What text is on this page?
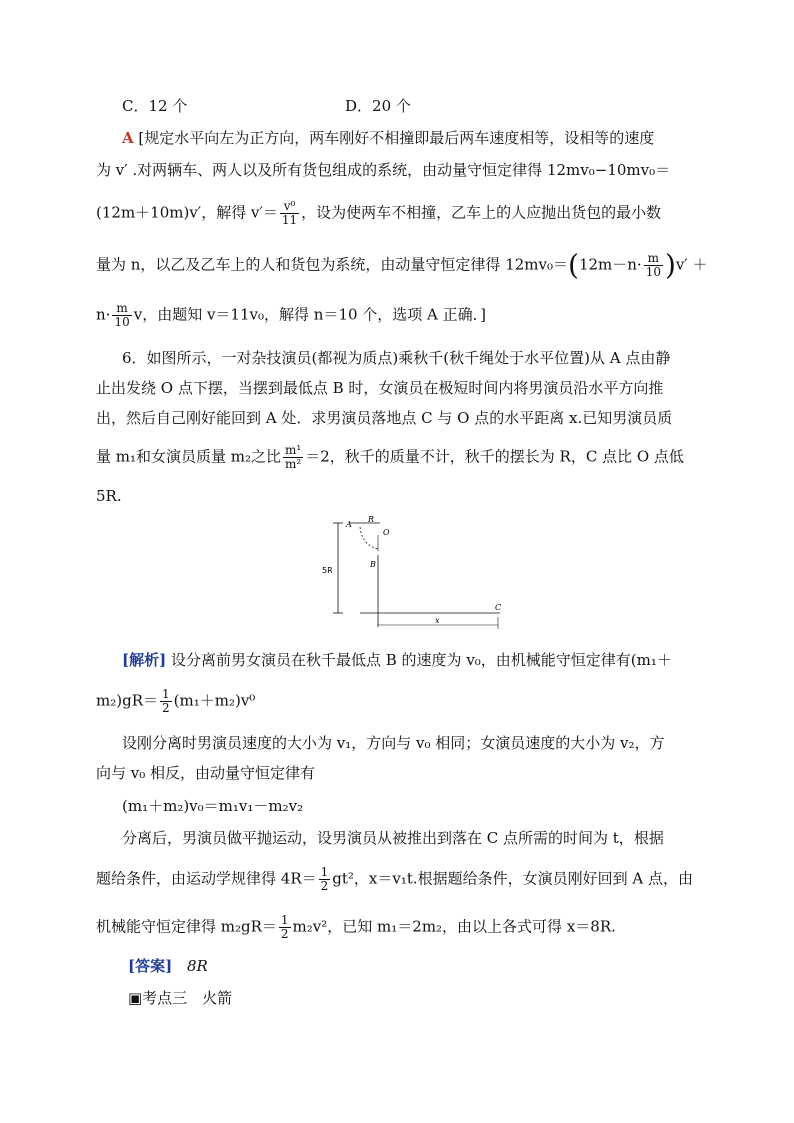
C．12 个	D．20 个
A [规定水平向左为正方向，两车刚好不相撞即最后两车速度相等，设相等的速度
为 v′ .对两辆车、两人以及所有货包组成的系统，由动量守恒定律得 12mv₀−10mv₀＝
(12m＋10m)v′，解得 $v'= \frac{\text{v⁰}}{11}$ ，设为使两车不相撞，乙车上的人应抛出货包的最小数
量为 n，以乙及乙车上的人和货包为系统，由动量守恒定律得 $12mv_0=(12m-n\cdot \frac{m}{10} )v'$ ＋
$n\cdot \frac{m}{10}$ v，由题知 v＝11v₀，解得 n＝10 个，选项 A 正确．]
6．如图所示，一对杂技演员(都视为质点)乘秋千(秋千绳处于水平位置)从 A 点由静
止出发绕 O 点下摆，当摆到最低点 B 时，女演员在极短时间内将男演员沿水平方向推
出，然后自己刚好能回到 A 处．求男演员落地点 C 与 O 点的水平距离 x.已知男演员质
量 m₁和女演员质量 m₂之比 $\frac{\text{m¹}}{\text{m²}} =2$，秋千的质量不计，秋千的摆长为 R，C 点比 O 点低
5R.
5R
A
R
O
B
C
x
[解析] 设分离前男女演员在秋千最低点 B 的速度为 v₀，由机械能守恒定律有(m₁＋
$m_2)gR= \frac{1}{2} (m_1+m_2)v^0$
设刚分离时男演员速度的大小为 v₁，方向与 v₀ 相同；女演员速度的大小为 v₂，方
向与 v₀ 相反，由动量守恒定律有
(m₁＋m₂)v₀＝m₁v₁－m₂v₂
分离后，男演员做平抛运动，设男演员从被推出到落在 C 点所需的时间为 t，根据
题给条件，由运动学规律得 $4R= \frac{1}{2} gt^2$，x＝v₁t.根据题给条件，女演员刚好回到 A 点，由
机械能守恒定律得 $m_2gR= \frac{1}{2} m_2v^2$，已知 m₁＝2m₂，由以上各式可得 x＝8R.
[答案] 8R
▣考点三　火箭
